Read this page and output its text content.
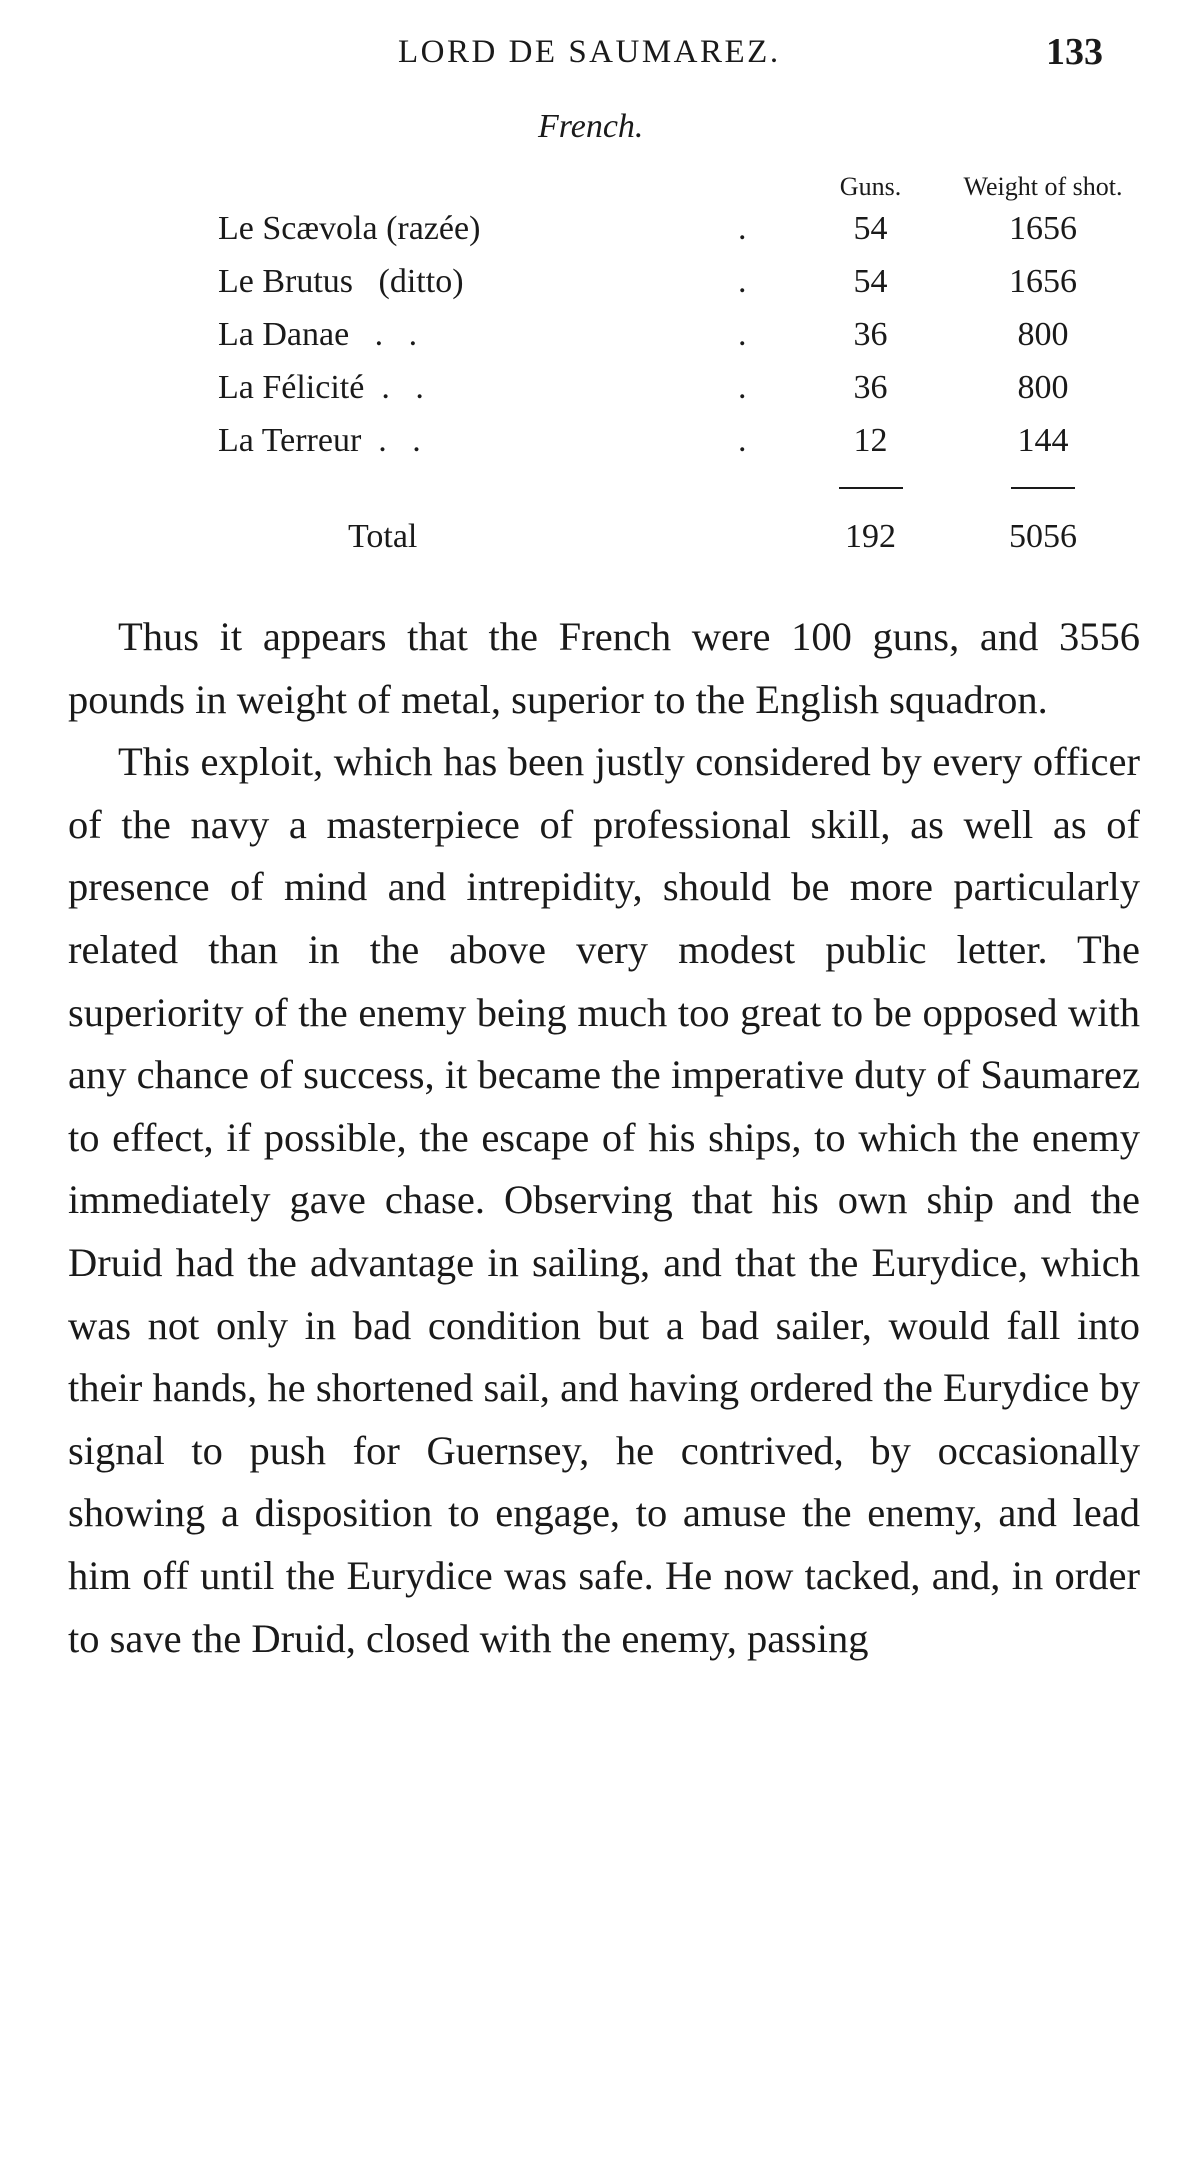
LORD DE SAUMAREZ.	133
French.
		Guns.	Weight of shot.
Le Scævola (razée)	.	54	1656
Le Brutus   (ditto)	.	54	1656
La Danae   .   .	.	36	800
La Félicité  .   .	.	36	800
La Terreur  .   .	.	12	144

Total		192	5056

Thus it appears that the French were 100 guns, and 3556 pounds in weight of metal, superior to the English squadron.

This exploit, which has been justly considered by every officer of the navy a masterpiece of professional skill, as well as of presence of mind and intrepidity, should be more particularly related than in the above very modest public letter. The superiority of the enemy being much too great to be opposed with any chance of success, it became the imperative duty of Saumarez to effect, if possible, the escape of his ships, to which the enemy immediately gave chase. Observing that his own ship and the Druid had the advantage in sailing, and that the Eurydice, which was not only in bad condition but a bad sailer, would fall into their hands, he shortened sail, and having ordered the Eurydice by signal to push for Guernsey, he contrived, by occasionally showing a disposition to engage, to amuse the enemy, and lead him off until the Eurydice was safe. He now tacked, and, in order to save the Druid, closed with the enemy, passing
